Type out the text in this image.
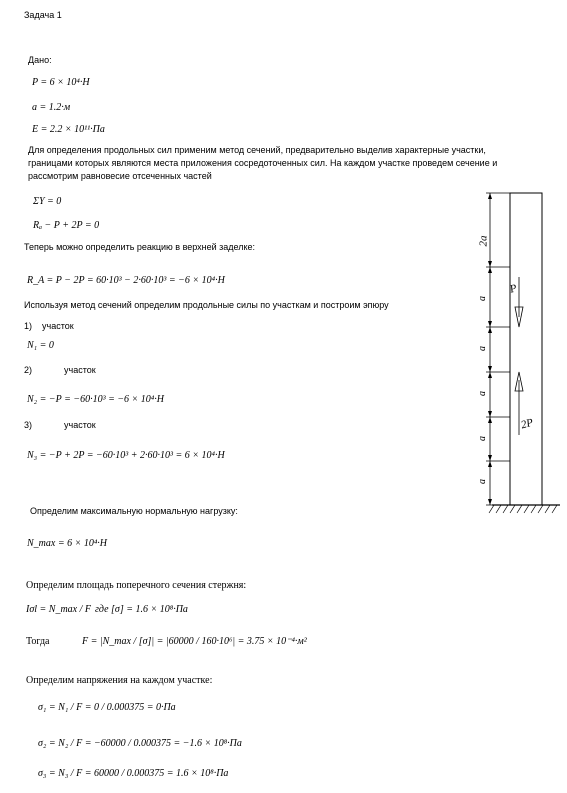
Задача 1
Дано:
P = 6 × 10⁴·H
a = 1.2·м
E = 2.2 × 10¹¹·Па
Для определения продольных сил применим метод сечений, предварительно выделив характерные участки,
границами которых являются места приложения сосредоточенных сил. На каждом участке проведем сечение и
рассмотрим равновесие отсеченных частей
ΣY = 0
Rₐ − P + 2P = 0
Теперь можно определить реакцию в верхней заделке:
R_A = P − 2P = 60·10³ − 2·60·10³ = −6 × 10⁴·H
Используя метод сечений определим продольные силы по участкам и построим эпюру
1) участок
N₁ = 0
2)	участок
N₂ = −P = −60·10³ = −6 × 10⁴·H
3)	участок
N₃ = −P + 2P = −60·10³ + 2·60·10³ = 6 × 10⁴·H
Определим максимальную нормальную нагрузку:
N_max = 6 × 10⁴·H
Определим площадь поперечного сечения стержня:
Iσl = N_max / F где [σ] = 1.6 × 10⁸·Па
Тогда	F = |N_max / [σ]| = |60000 / 160·10⁶| = 3.75 × 10⁻⁴·м²
Определим напряжения на каждом участке:
σ₁ = N₁ / F = 0 / 0.000375 = 0·Па
σ₂ = N₂ / F = −60000 / 0.000375 = −1.6 × 10⁸·Па
σ₃ = N₃ / F = 60000 / 0.000375 = 1.6 × 10⁸·Па
2a
a
a
a
a
a
P
2P
